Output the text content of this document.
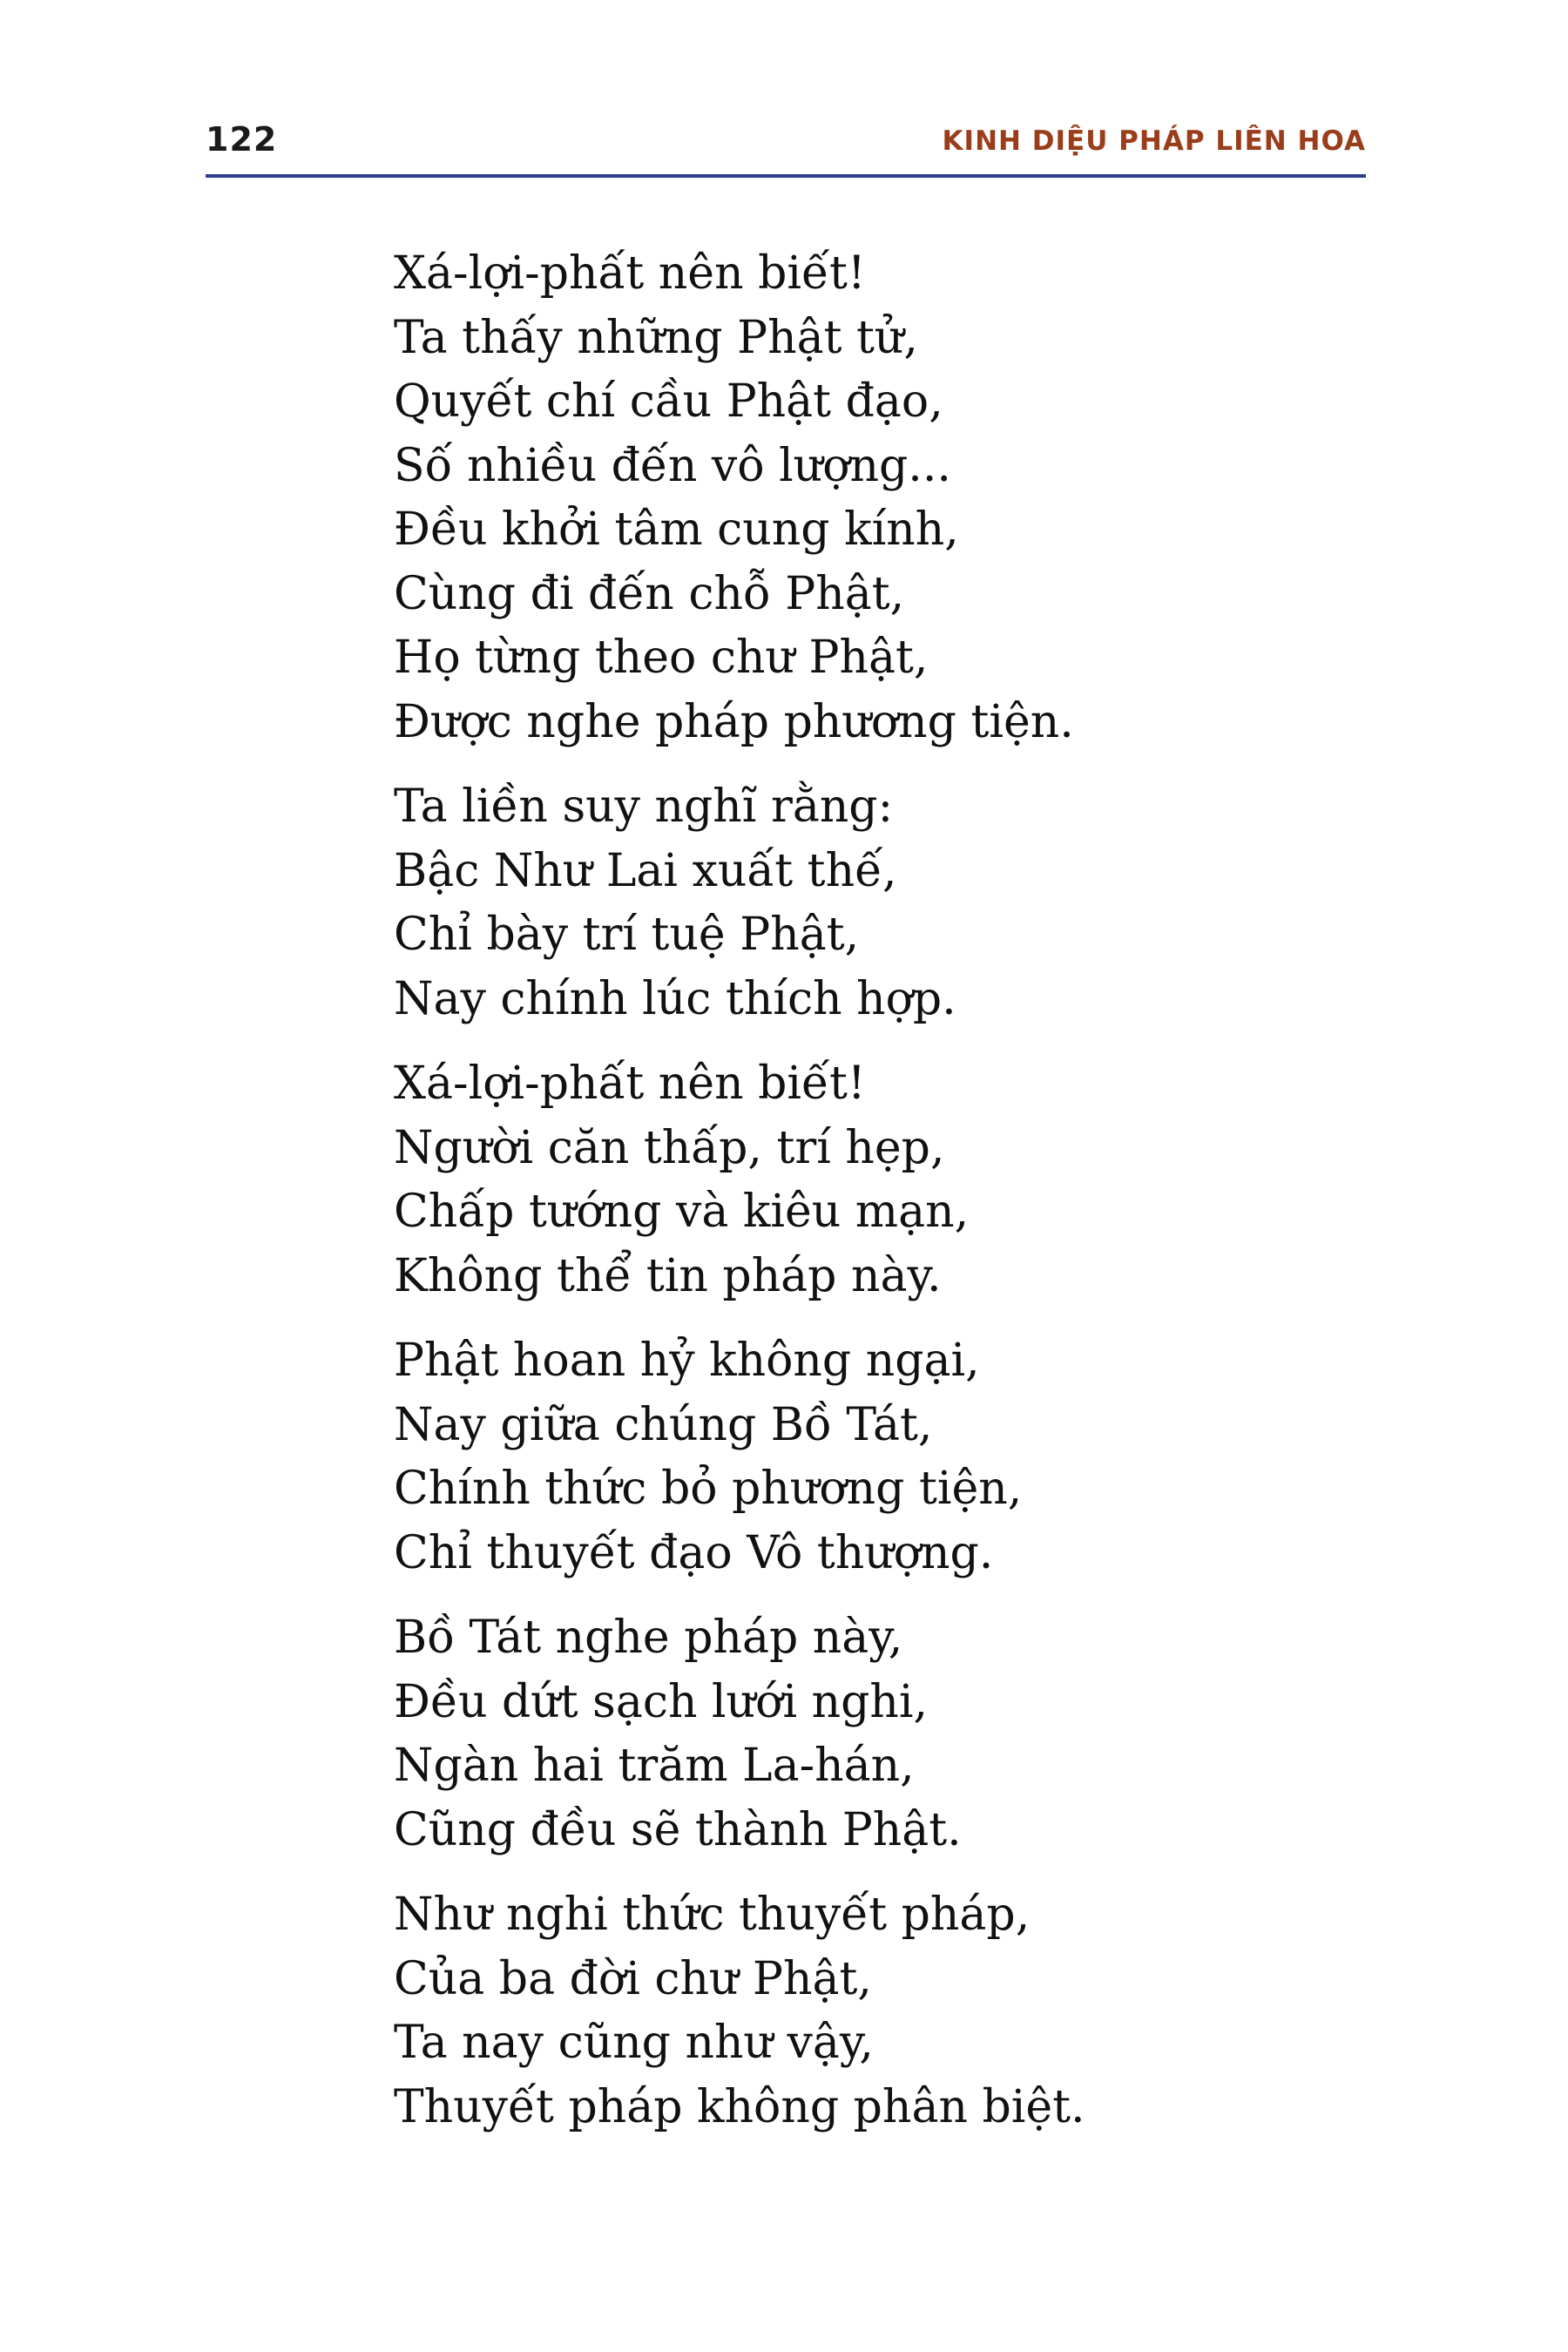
122	KINH DIỆU PHÁP LIÊN HOA
Xá-lợi-phất nên biết!
Ta thấy những Phật tử,
Quyết chí cầu Phật đạo,
Số nhiều đến vô lượng...
Đều khởi tâm cung kính,
Cùng đi đến chỗ Phật,
Họ từng theo chư Phật,
Được nghe pháp phương tiện.
Ta liền suy nghĩ rằng:
Bậc Như Lai xuất thế,
Chỉ bày trí tuệ Phật,
Nay chính lúc thích hợp.
Xá-lợi-phất nên biết!
Người căn thấp, trí hẹp,
Chấp tướng và kiêu mạn,
Không thể tin pháp này.
Phật hoan hỷ không ngại,
Nay giữa chúng Bồ Tát,
Chính thức bỏ phương tiện,
Chỉ thuyết đạo Vô thượng.
Bồ Tát nghe pháp này,
Đều dứt sạch lưới nghi,
Ngàn hai trăm La-hán,
Cũng đều sẽ thành Phật.
Như nghi thức thuyết pháp,
Của ba đời chư Phật,
Ta nay cũng như vậy,
Thuyết pháp không phân biệt.
